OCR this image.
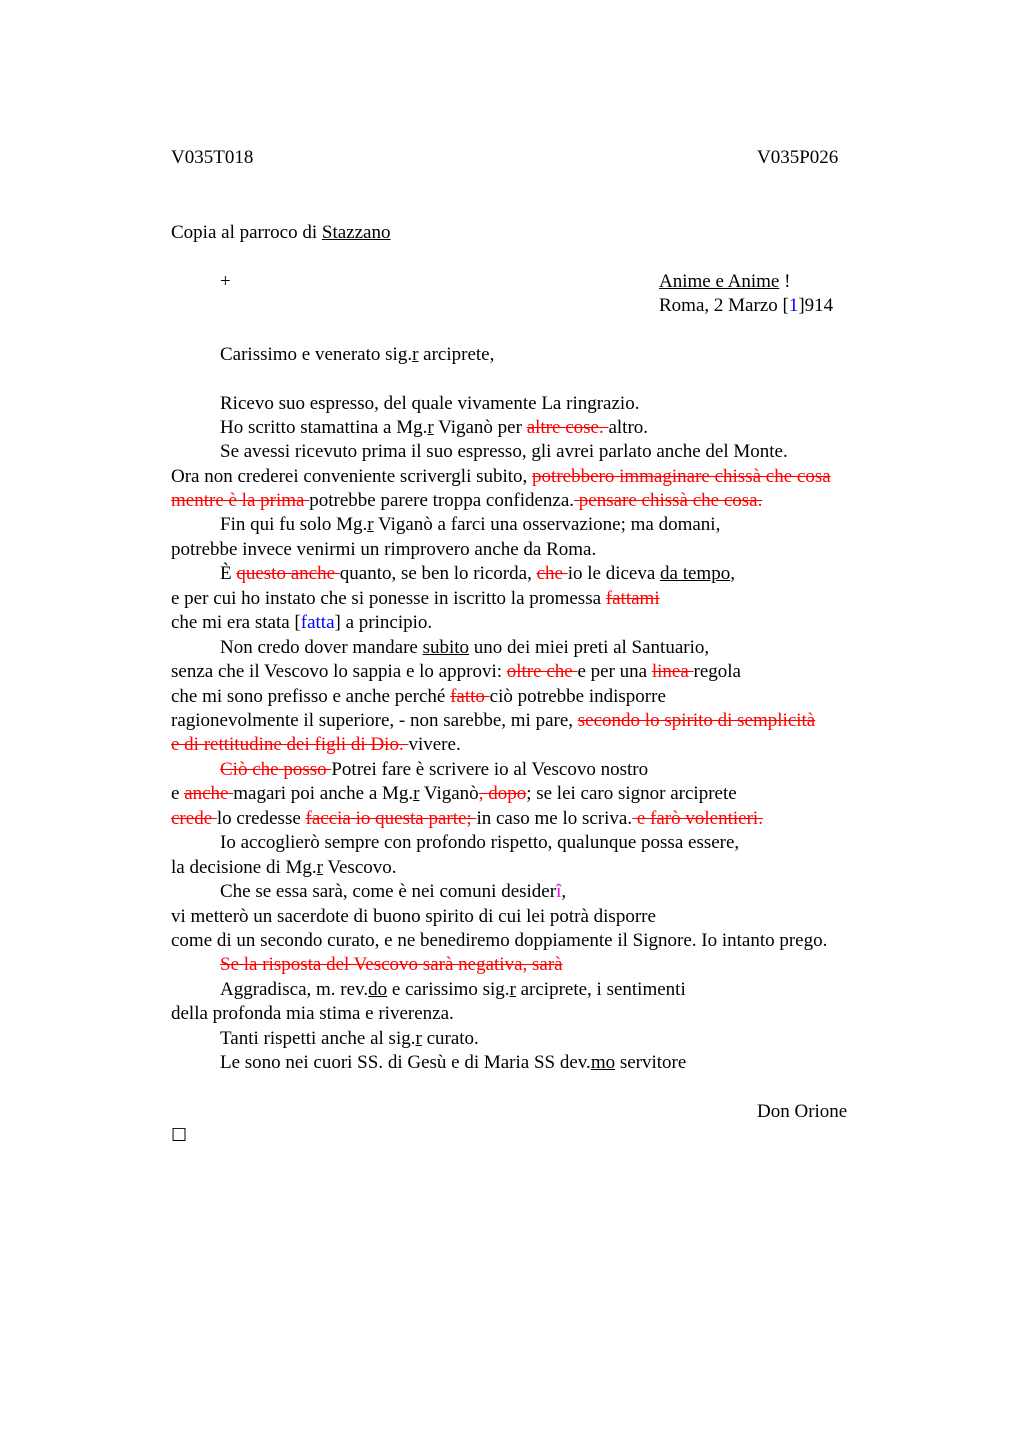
V035T018	V035P026
Copia al parroco di Stazzano
+	Anime e Anime !
Roma, 2 Marzo [1]914
Carissimo e venerato sig.r arciprete,
Ricevo suo espresso, del quale vivamente La ringrazio.
Ho scritto stamattina a Mg.r Viganò per altre cose. altro.
Se avessi ricevuto prima il suo espresso, gli avrei parlato anche del Monte.
Ora non crederei conveniente scrivergli subito, potrebbero immaginare chissà che cosa
mentre è la prima potrebbe parere troppa confidenza. pensare chissà che cosa.
Fin qui fu solo Mg.r Viganò a farci una osservazione; ma domani,
potrebbe invece venirmi un rimprovero anche da Roma.
È questo anche quanto, se ben lo ricorda, che io le diceva da tempo,
e per cui ho instato che si ponesse in iscritto la promessa fattami
che mi era stata [fatta] a principio.
Non credo dover mandare subito uno dei miei preti al Santuario,
senza che il Vescovo lo sappia e lo approvi: oltre che e per una linea regola
che mi sono prefisso e anche perché fatto ciò potrebbe indisporre
ragionevolmente il superiore, - non sarebbe, mi pare, secondo lo spirito di semplicità
e di rettitudine dei figli di Dio. vivere.
Ciò che posso Potrei fare è scrivere io al Vescovo nostro
e anche magari poi anche a Mg.r Viganò, dopo; se lei caro signor arciprete
crede lo credesse faccia io questa parte; in caso me lo scriva. e farò volentieri.
Io accoglierò sempre con profondo rispetto, qualunque possa essere,
la decisione di Mg.r Vescovo.
Che se essa sarà, come è nei comuni desiderî,
vi metterò un sacerdote di buono spirito di cui lei potrà disporre
come di un secondo curato, e ne benediremo doppiamente il Signore. Io intanto prego.
Se la risposta del Vescovo sarà negativa, sarà
Aggradisca, m. rev.do e carissimo sig.r arciprete, i sentimenti
della profonda mia stima e riverenza.
Tanti rispetti anche al sig.r curato.
Le sono nei cuori SS. di Gesù e di Maria SS dev.mo servitore
Don Orione
☐
